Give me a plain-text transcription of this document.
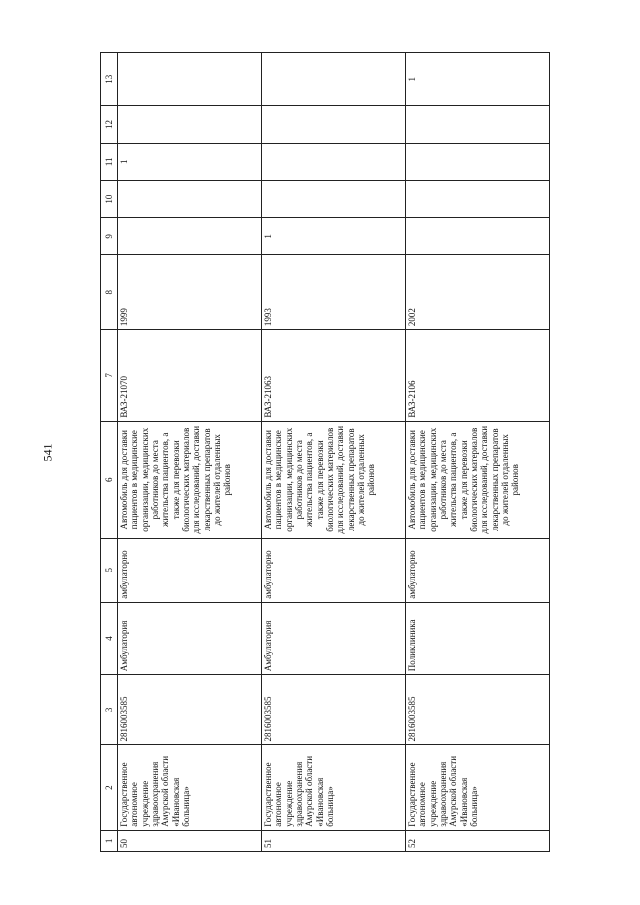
541
1	2	3	4	5	6	7	8	9	10	11	12	13
50	Государственное автономное учреждение здравоохранения Амурской области «Ивановская больница»	2816003585	Амбулатория	амбулаторно	Автомобиль для доставки пациентов в медицинские организации, медицинских работников до места жительства пациентов, а также для перевозки биологических материалов для исследований, доставки лекарственных препаратов до жителей отдаленных районов	ВАЗ-21070	1999			1		
51	Государственное автономное учреждение здравоохранения Амурской области «Ивановская больница»	2816003585	Амбулатория	амбулаторно	Автомобиль для доставки пациентов в медицинские организации, медицинских работников до места жительства пациентов, а также для перевозки биологических материалов для исследований, доставки лекарственных препаратов до жителей отдаленных районов	ВАЗ-21063	1993	1				
52	Государственное автономное учреждение здравоохранения Амурской области «Ивановская больница»	2816003585	Поликлиника	амбулаторно	Автомобиль для доставки пациентов в медицинские организации, медицинских работников до места жительства пациентов, а также для перевозки биологических материалов для исследований, доставки лекарственных препаратов до жителей отдаленных районов	ВАЗ-2106	2002					1
